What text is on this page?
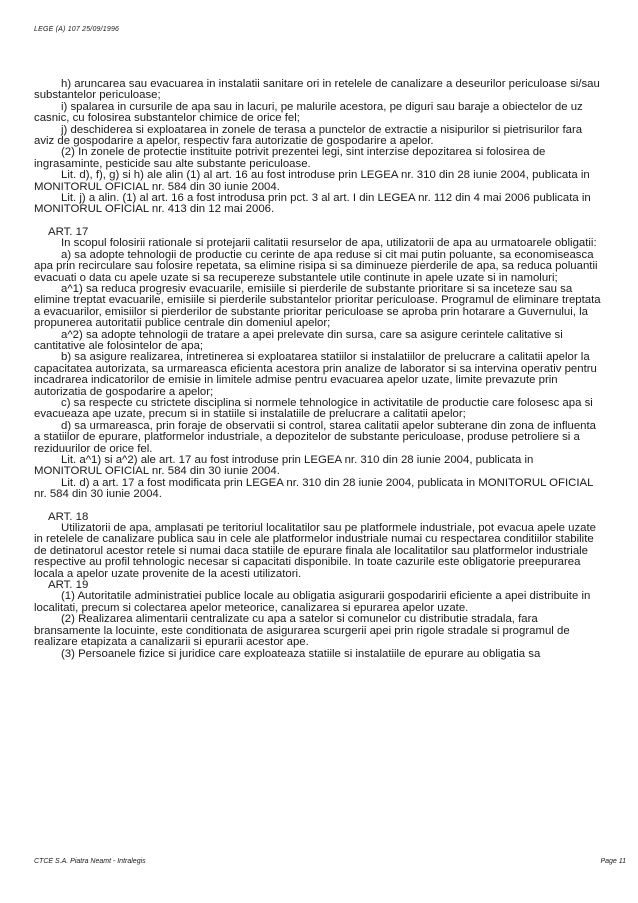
LEGE (A) 107 25/09/1996
h) aruncarea sau evacuarea in instalatii sanitare ori in retelele de canalizare a deseurilor periculoase si/sau substantelor periculoase;
i) spalarea in cursurile de apa sau in lacuri, pe malurile acestora, pe diguri sau baraje a obiectelor de uz casnic, cu folosirea substantelor chimice de orice fel;
j) deschiderea si exploatarea in zonele de terasa a punctelor de extractie a nisipurilor si pietrisurilor fara aviz de gospodarire a apelor, respectiv fara autorizatie de gospodarire a apelor.
(2) In zonele de protectie instituite potrivit prezentei legi, sint interzise depozitarea si folosirea de ingrasaminte, pesticide sau alte substante periculoase.
Lit. d), f), g) si h) ale alin (1) al art. 16 au fost introduse prin LEGEA nr. 310 din 28 iunie 2004, publicata in MONITORUL OFICIAL nr. 584 din 30 iunie 2004.
Lit. j) a alin. (1) al art. 16 a fost introdusa prin pct. 3 al art. I din LEGEA nr. 112 din 4 mai 2006 publicata in MONITORUL OFICIAL nr. 413 din 12 mai 2006.
ART. 17
In scopul folosirii rationale si protejarii calitatii resurselor de apa, utilizatorii de apa au urmatoarele obligatii:
a) sa adopte tehnologii de productie cu cerinte de apa reduse si cit mai putin poluante, sa economiseasca apa prin recirculare sau folosire repetata, sa elimine risipa si sa diminueze pierderile de apa, sa reduca poluantii evacuati o data cu apele uzate si sa recupereze substantele utile continute in apele uzate si in namoluri;
a^1) sa reduca progresiv evacuarile, emisiile si pierderile de substante prioritare si sa inceteze sau sa elimine treptat evacuarile, emisiile si pierderile substantelor prioritar periculoase. Programul de eliminare treptata a evacuarilor, emisiilor si pierderilor de substante prioritar periculoase se aproba prin hotarare a Guvernului, la propunerea autoritatii publice centrale din domeniul apelor;
a^2) sa adopte tehnologii de tratare a apei prelevate din sursa, care sa asigure cerintele calitative si cantitative ale folosintelor de apa;
b) sa asigure realizarea, intretinerea si exploatarea statiilor si instalatiilor de prelucrare a calitatii apelor la capacitatea autorizata, sa urmareasca eficienta acestora prin analize de laborator si sa intervina operativ pentru incadrarea indicatorilor de emisie in limitele admise pentru evacuarea apelor uzate, limite prevazute prin autorizatia de gospodarire a apelor;
c) sa respecte cu strictete disciplina si normele tehnologice in activitatile de productie care folosesc apa si evacueaza ape uzate, precum si in statiile si instalatiile de prelucrare a calitatii apelor;
d) sa urmareasca, prin foraje de observatii si control, starea calitatii apelor subterane din zona de influenta a statiilor de epurare, platformelor industriale, a depozitelor de substante periculoase, produse petroliere si a reziduurilor de orice fel.
Lit. a^1) si a^2) ale art. 17 au fost introduse prin LEGEA nr. 310 din 28 iunie 2004, publicata in MONITORUL OFICIAL nr. 584 din 30 iunie 2004.
Lit. d) a art. 17 a fost modificata prin LEGEA nr. 310 din 28 iunie 2004, publicata in MONITORUL OFICIAL nr. 584 din 30 iunie 2004.
ART. 18
Utilizatorii de apa, amplasati pe teritoriul localitatilor sau pe platformele industriale, pot evacua apele uzate in retelele de canalizare publica sau in cele ale platformelor industriale numai cu respectarea conditiilor stabilite de detinatorul acestor retele si numai daca statiile de epurare finala ale localitatilor sau platformelor industriale respective au profil tehnologic necesar si capacitati disponibile. In toate cazurile este obligatorie preepurarea locala a apelor uzate provenite de la acesti utilizatori.
ART. 19
(1) Autoritatile administratiei publice locale au obligatia asigurarii gospodaririi eficiente a apei distribuite in localitati, precum si colectarea apelor meteorice, canalizarea si epurarea apelor uzate.
(2) Realizarea alimentarii centralizate cu apa a satelor si comunelor cu distributie stradala, fara bransamente la locuinte, este conditionata de asigurarea scurgerii apei prin rigole stradale si programul de realizare etapizata a canalizarii si epurarii acestor ape.
(3) Persoanele fizice si juridice care exploateaza statiile si instalatiile de epurare au obligatia sa
CTCE S.A. Piatra Neamt - Intralegis	Page 11
